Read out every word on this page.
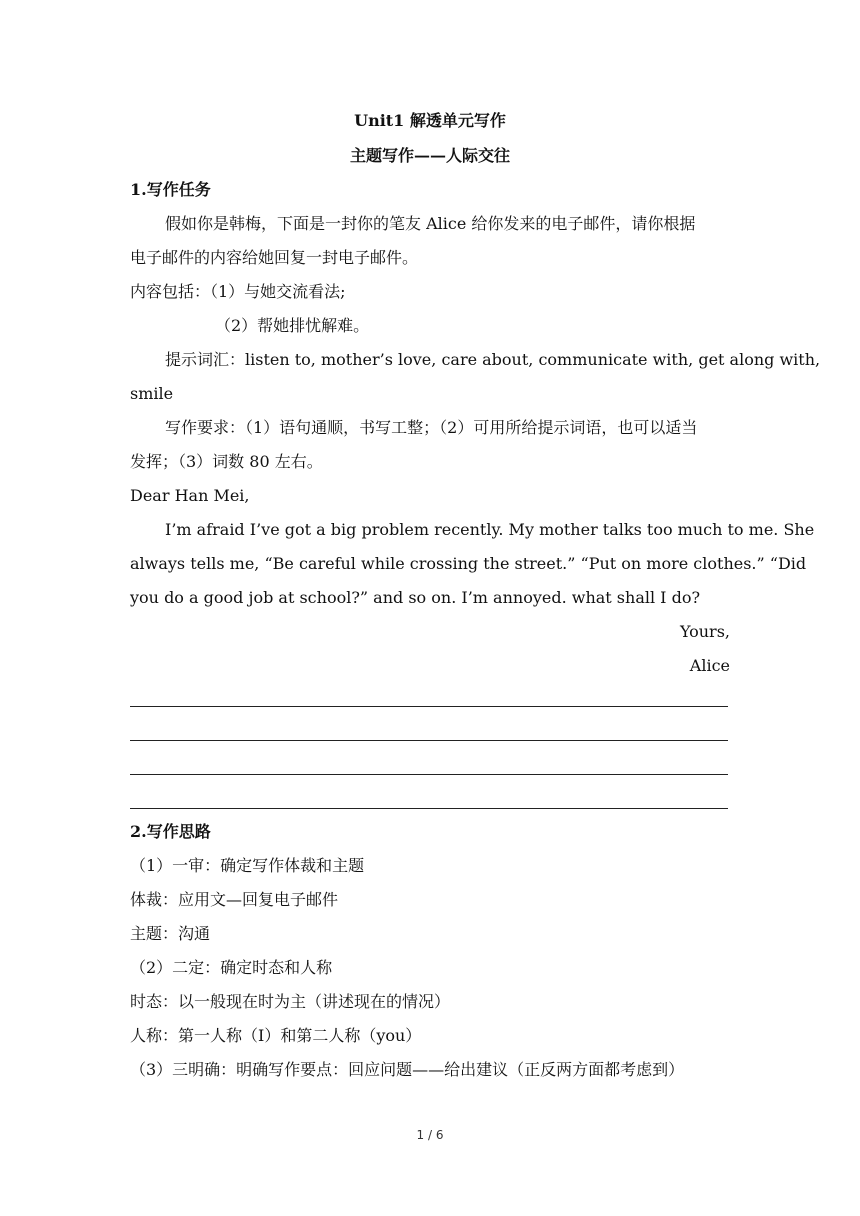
Unit1 解透单元写作
主题写作——人际交往
1.写作任务
假如你是韩梅，下面是一封你的笔友 Alice 给你发来的电子邮件，请你根据
电子邮件的内容给她回复一封电子邮件。
内容包括：（1）与她交流看法;
（2）帮她排忧解难。
提示词汇：listen to, mother’s love, care about, communicate with, get along with,
smile
写作要求：（1）语句通顺，书写工整；（2）可用所给提示词语，也可以适当
发挥；（3）词数 80 左右。
Dear Han Mei,
I’m afraid I’ve got a big problem recently. My mother talks too much to me. She
always tells me, “Be careful while crossing the street.” “Put on more clothes.” “Did
you do a good job at school?” and so on. I’m annoyed. what shall I do?
Yours,
Alice
2.写作思路
（1）一审：确定写作体裁和主题
体裁：应用文—回复电子邮件
主题：沟通
（2）二定：确定时态和人称
时态：以一般现在时为主（讲述现在的情况）
人称：第一人称（I）和第二人称（you）
（3）三明确：明确写作要点：回应问题——给出建议（正反两方面都考虑到）
1 / 6
